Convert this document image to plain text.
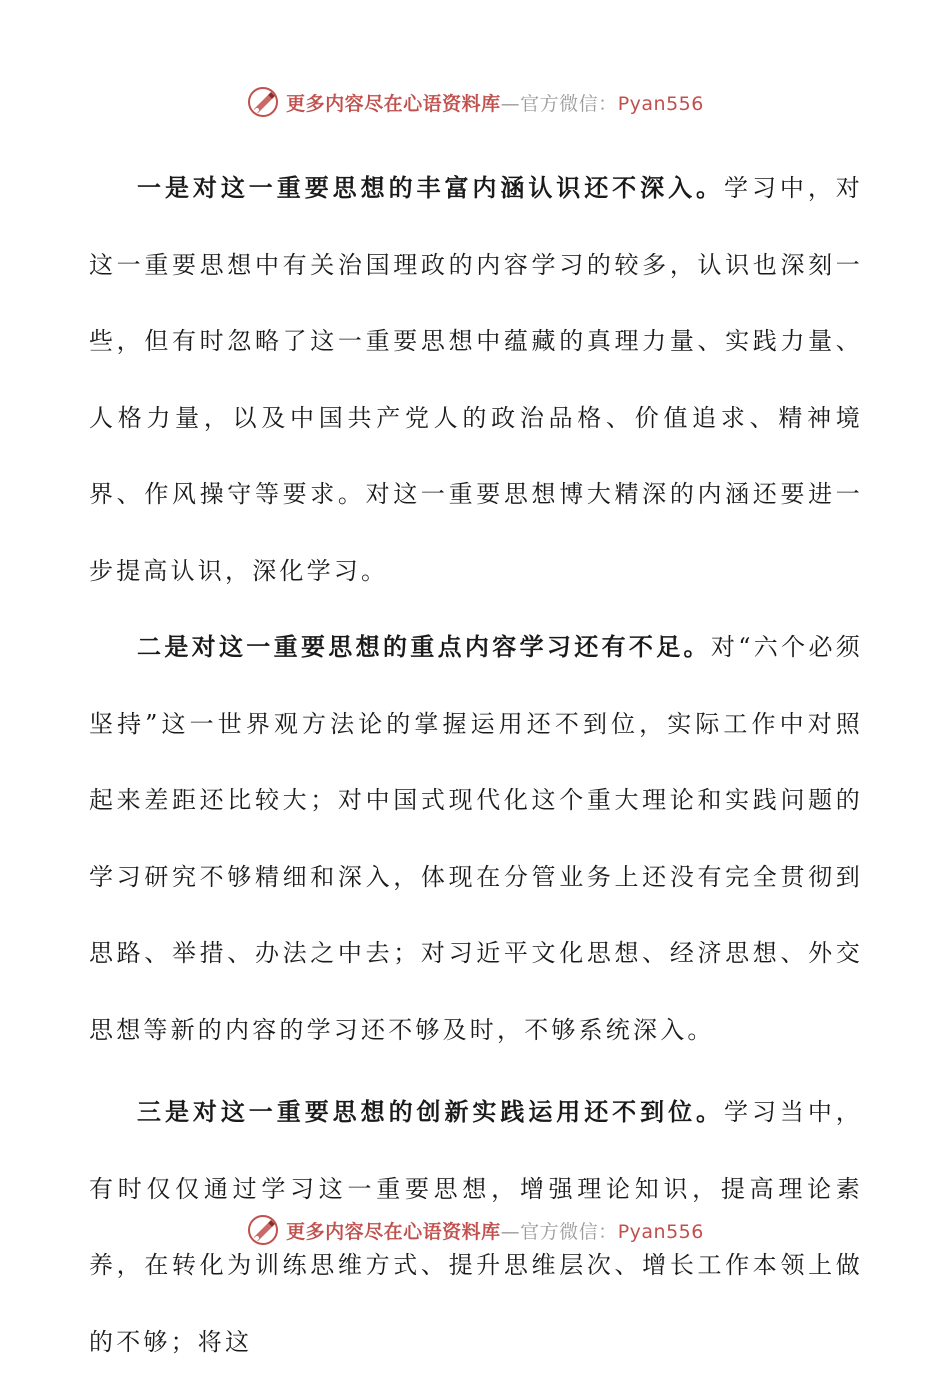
更多内容尽在心语资料库—官方微信：Pyan556

一是对这一重要思想的丰富内涵认识还不深入。学习中，对这一重要思想中有关治国理政的内容学习的较多，认识也深刻一些，但有时忽略了这一重要思想中蕴藏的真理力量、实践力量、人格力量，以及中国共产党人的政治品格、价值追求、精神境界、作风操守等要求。对这一重要思想博大精深的内涵还要进一步提高认识，深化学习。

二是对这一重要思想的重点内容学习还有不足。对“六个必须坚持”这一世界观方法论的掌握运用还不到位，实际工作中对照起来差距还比较大；对中国式现代化这个重大理论和实践问题的学习研究不够精细和深入，体现在分管业务上还没有完全贯彻到思路、举措、办法之中去；对习近平文化思想、经济思想、外交思想等新的内容的学习还不够及时，不够系统深入。

三是对这一重要思想的创新实践运用还不到位。学习当中，有时仅仅通过学习这一重要思想，增强理论知识，提高理论素养，在转化为训练思维方式、提升思维层次、增长工作本领上做的不够；将这

更多内容尽在心语资料库—官方微信：Pyan556
